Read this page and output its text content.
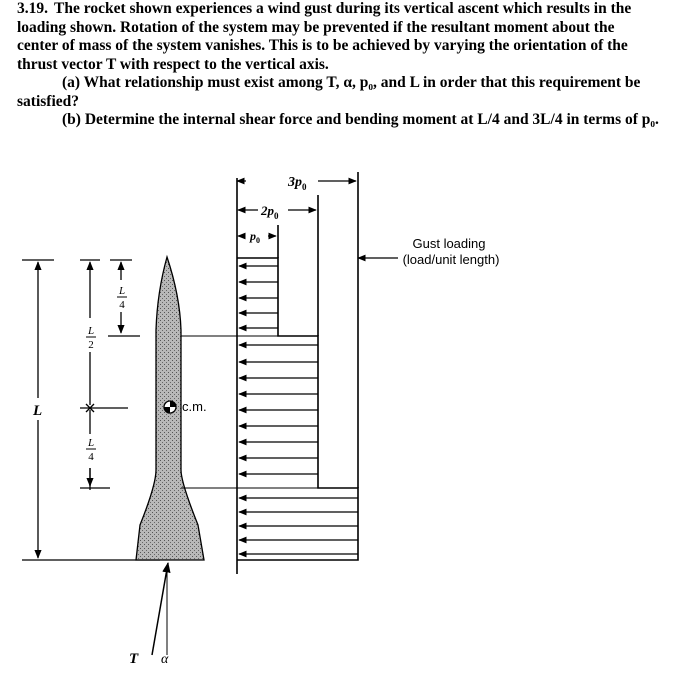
3.19. The rocket shown experiences a wind gust during its vertical ascent which results in the

loading shown. Rotation of the system may be prevented if the resultant moment about the

center of mass of the system vanishes. This is to be achieved by varying the orientation of the

thrust vector T with respect to the vertical axis.

(a) What relationship must exist among T, α, p₀, and L in order that this requirement be

satisfied?

(b) Determine the internal shear force and bending moment at L/4 and 3L/4 in terms of p₀.

L
L
2
L
4
L
4
c.m.
T α
$3p_0$
$2p_0$
$p_0$	Gust loading
(load/unit length)
